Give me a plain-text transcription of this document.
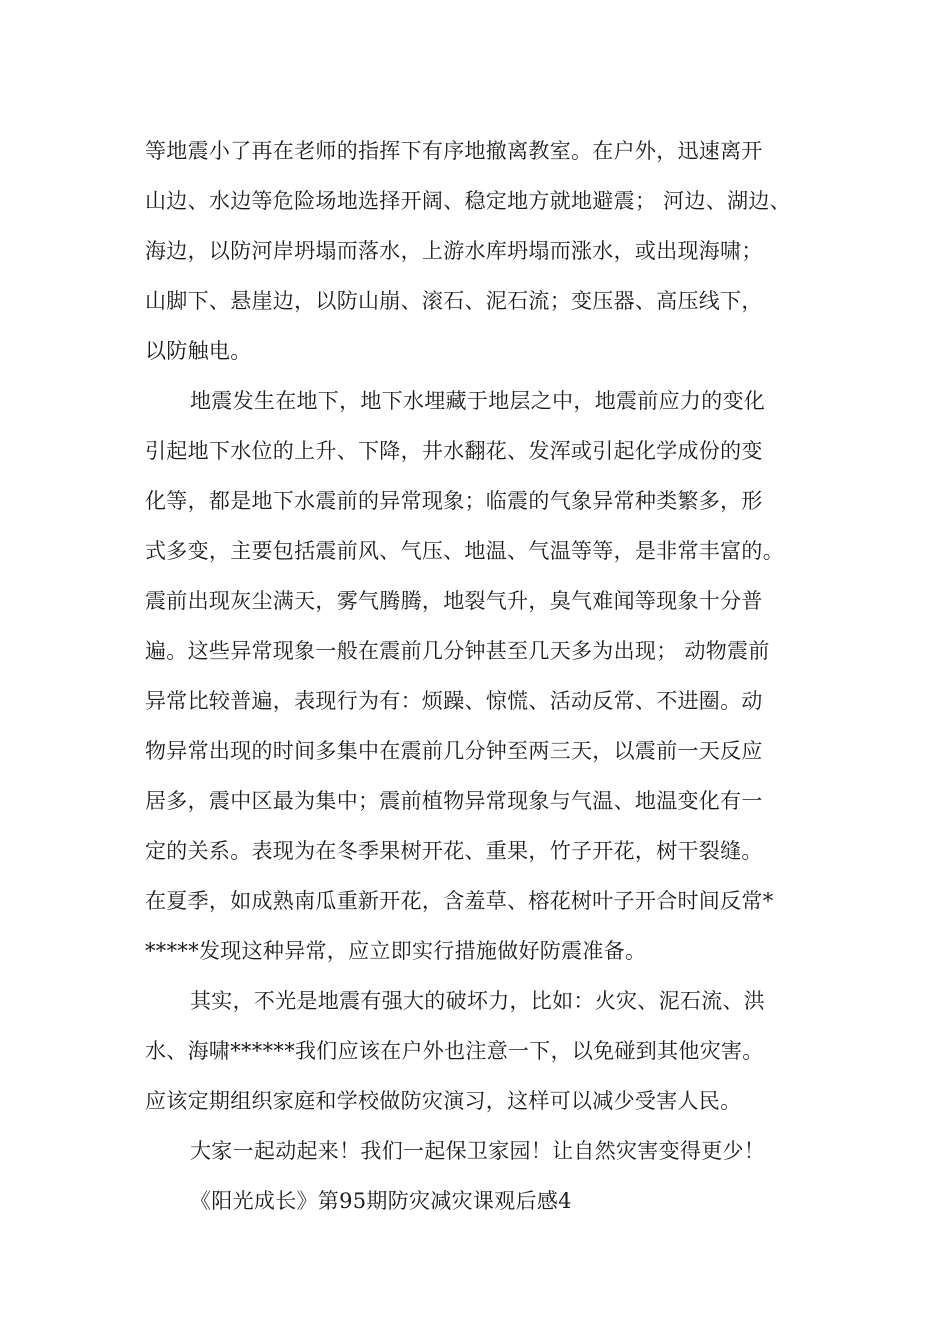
等地震小了再在老师的指挥下有序地撤离教室。在户外，迅速离开

山边、水边等危险场地选择开阔、稳定地方就地避震； 河边、湖边、

海边，以防河岸坍塌而落水，上游水库坍塌而涨水，或出现海啸；

山脚下、悬崖边，以防山崩、滚石、泥石流；变压器、高压线下，

以防触电。

地震发生在地下，地下水埋藏于地层之中，地震前应力的变化

引起地下水位的上升、下降，井水翻花、发浑或引起化学成份的变

化等，都是地下水震前的异常现象；临震的气象异常种类繁多，形

式多变，主要包括震前风、气压、地温、气温等等，是非常丰富的。

震前出现灰尘满天，雾气腾腾，地裂气升，臭气难闻等现象十分普

遍。这些异常现象一般在震前几分钟甚至几天多为出现； 动物震前

异常比较普遍，表现行为有：烦躁、惊慌、活动反常、不进圈。动

物异常出现的时间多集中在震前几分钟至两三天，以震前一天反应

居多，震中区最为集中；震前植物异常现象与气温、地温变化有一

定的关系。表现为在冬季果树开花、重果，竹子开花，树干裂缝。

在夏季，如成熟南瓜重新开花，含羞草、榕花树叶子开合时间反常*

*****发现这种异常，应立即实行措施做好防震准备。

其实，不光是地震有强大的破坏力，比如：火灾、泥石流、洪

水、海啸******我们应该在户外也注意一下，以免碰到其他灾害。

应该定期组织家庭和学校做防灾演习，这样可以减少受害人民。

大家一起动起来！我们一起保卫家园！让自然灾害变得更少！

《阳光成长》第95期防灾减灾课观后感4
